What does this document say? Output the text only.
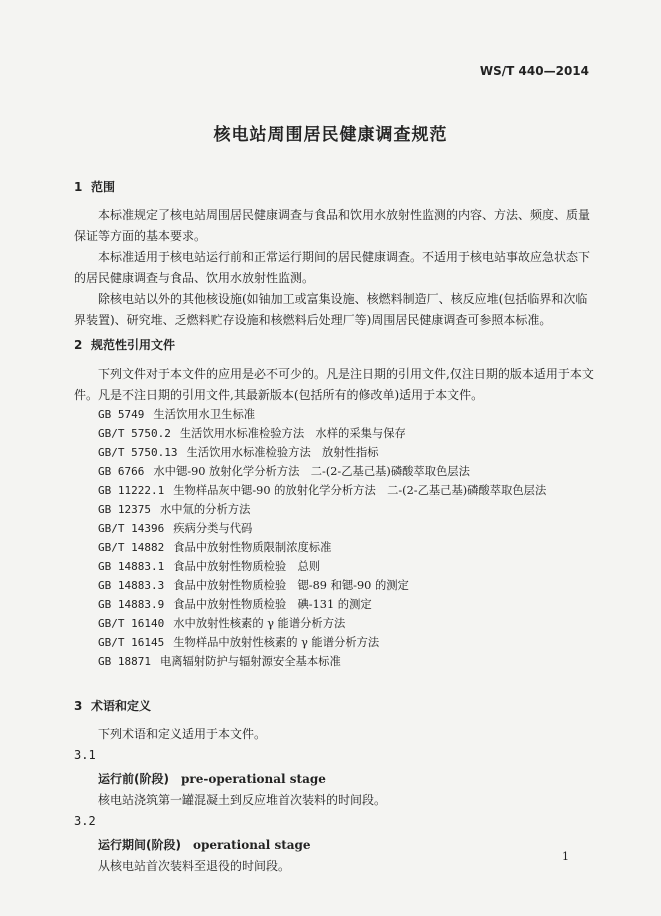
WS/T 440—2014
核电站周围居民健康调查规范
1 范围
本标准规定了核电站周围居民健康调查与食品和饮用水放射性监测的内容、方法、频度、质量保证等方面的基本要求。
本标准适用于核电站运行前和正常运行期间的居民健康调查。不适用于核电站事故应急状态下的居民健康调查与食品、饮用水放射性监测。
除核电站以外的其他核设施(如铀加工或富集设施、核燃料制造厂、核反应堆(包括临界和次临界装置)、研究堆、乏燃料贮存设施和核燃料后处理厂等)周围居民健康调查可参照本标准。
2 规范性引用文件
下列文件对于本文件的应用是必不可少的。凡是注日期的引用文件,仅注日期的版本适用于本文件。凡是不注日期的引用文件,其最新版本(包括所有的修改单)适用于本文件。
GB 5749 生活饮用水卫生标准
GB/T 5750.2 生活饮用水标准检验方法　水样的采集与保存
GB/T 5750.13 生活饮用水标准检验方法　放射性指标
GB 6766 水中锶-90 放射化学分析方法　二-(2-乙基己基)磷酸萃取色层法
GB 11222.1 生物样品灰中锶-90 的放射化学分析方法　二-(2-乙基己基)磷酸萃取色层法
GB 12375 水中氚的分析方法
GB/T 14396 疾病分类与代码
GB/T 14882 食品中放射性物质限制浓度标准
GB 14883.1 食品中放射性物质检验　总则
GB 14883.3 食品中放射性物质检验　锶-89 和锶-90 的测定
GB 14883.9 食品中放射性物质检验　碘-131 的测定
GB/T 16140 水中放射性核素的 γ 能谱分析方法
GB/T 16145 生物样品中放射性核素的 γ 能谱分析方法
GB 18871 电离辐射防护与辐射源安全基本标准
3 术语和定义
下列术语和定义适用于本文件。
3.1
运行前(阶段) pre-operational stage
核电站浇筑第一罐混凝土到反应堆首次装料的时间段。
3.2
运行期间(阶段) operational stage
从核电站首次装料至退役的时间段。
1
